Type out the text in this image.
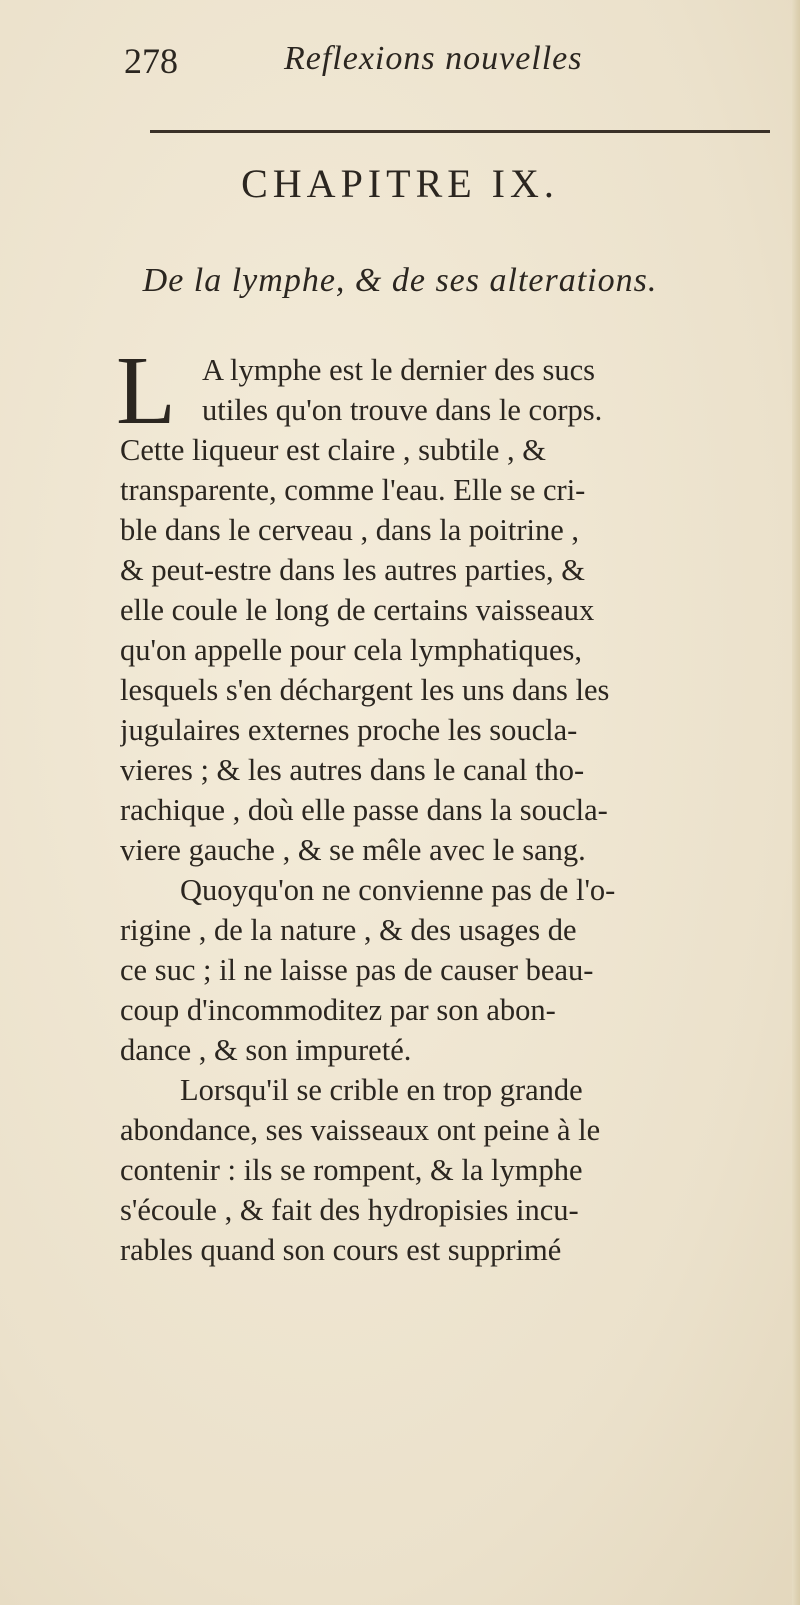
278	Reflexions nouvelles
CHAPITRE IX.
De la lymphe, & de ses alterations.
L A lymphe est le dernier des sucs
utiles qu'on trouve dans le corps.
Cette liqueur est claire , subtile , &
transparente, comme l'eau. Elle se cri-
ble dans le cerveau , dans la poitrine ,
& peut-estre dans les autres parties, &
elle coule le long de certains vaisseaux
qu'on appelle pour cela lymphatiques,
lesquels s'en déchargent les uns dans les
jugulaires externes proche les soucla-
vieres ; & les autres dans le canal tho-
rachique , doù elle passe dans la soucla-
viere gauche , & se mêle avec le sang.
Quoyqu'on ne convienne pas de l'o-
rigine , de la nature , & des usages de
ce suc ; il ne laisse pas de causer beau-
coup d'incommoditez par son abon-
dance , & son impureté.
Lorsqu'il se crible en trop grande
abondance, ses vaisseaux ont peine à le
contenir : ils se rompent, & la lymphe
s'écoule , & fait des hydropisies incu-
rables quand son cours est supprimé
